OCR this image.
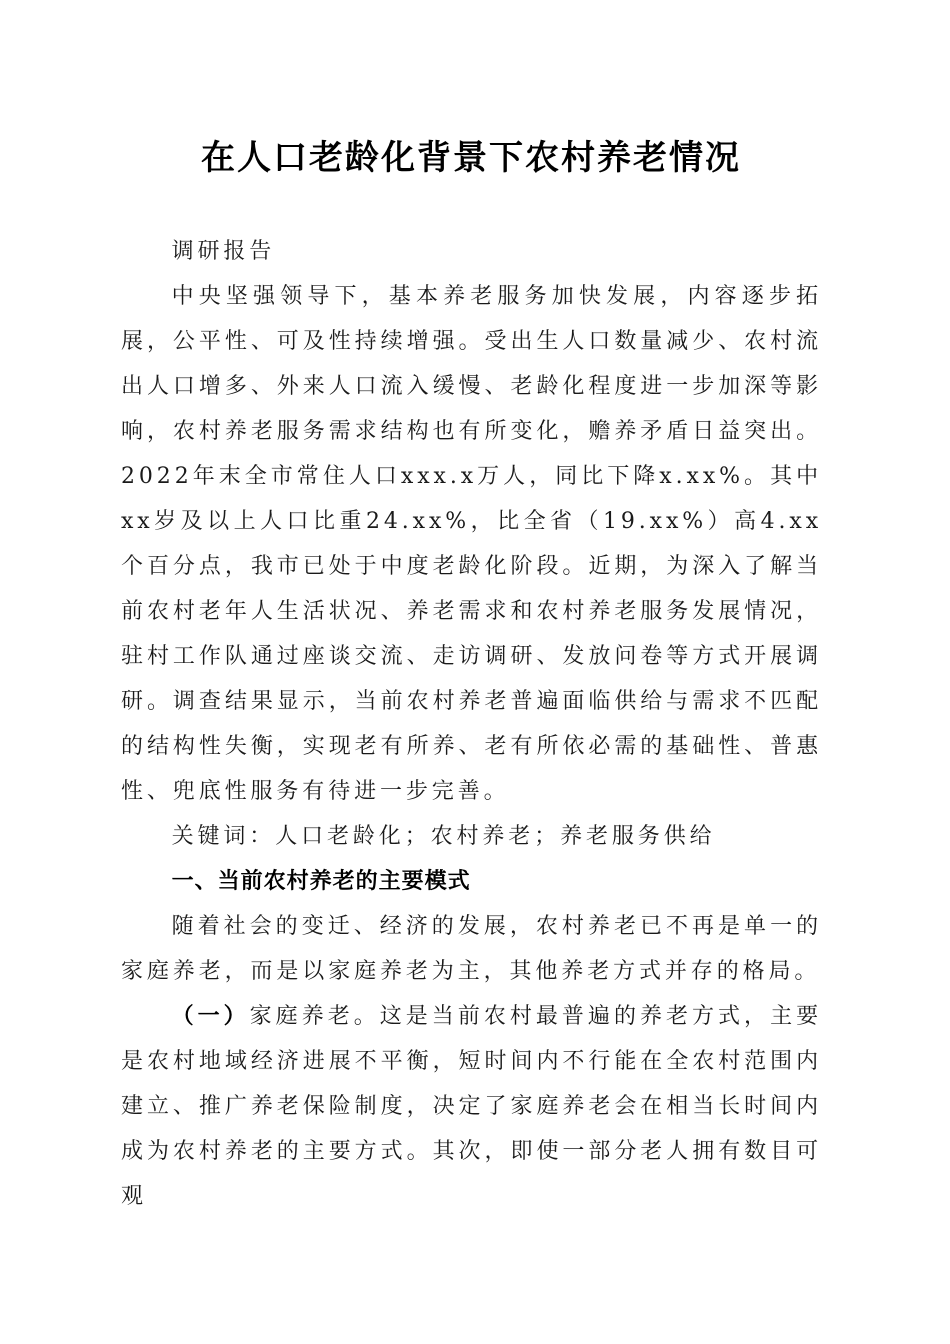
在人口老龄化背景下农村养老情况

调研报告

中央坚强领导下，基本养老服务加快发展，内容逐步拓展，公平性、可及性持续增强。受出生人口数量减少、农村流出人口增多、外来人口流入缓慢、老龄化程度进一步加深等影响，农村养老服务需求结构也有所变化，赡养矛盾日益突出。2022年末全市常住人口xxx.x万人，同比下降x.xx%。其中xx岁及以上人口比重24.xx%，比全省（19.xx%）高4.xx个百分点，我市已处于中度老龄化阶段。近期，为深入了解当前农村老年人生活状况、养老需求和农村养老服务发展情况，驻村工作队通过座谈交流、走访调研、发放问卷等方式开展调研。调查结果显示，当前农村养老普遍面临供给与需求不匹配的结构性失衡，实现老有所养、老有所依必需的基础性、普惠性、兜底性服务有待进一步完善。

关键词：人口老龄化；农村养老；养老服务供给

一、当前农村养老的主要模式

随着社会的变迁、经济的发展，农村养老已不再是单一的家庭养老，而是以家庭养老为主，其他养老方式并存的格局。

（一）家庭养老。这是当前农村最普遍的养老方式，主要是农村地域经济进展不平衡，短时间内不行能在全农村范围内建立、推广养老保险制度，决定了家庭养老会在相当长时间内成为农村养老的主要方式。其次，即使一部分老人拥有数目可观
